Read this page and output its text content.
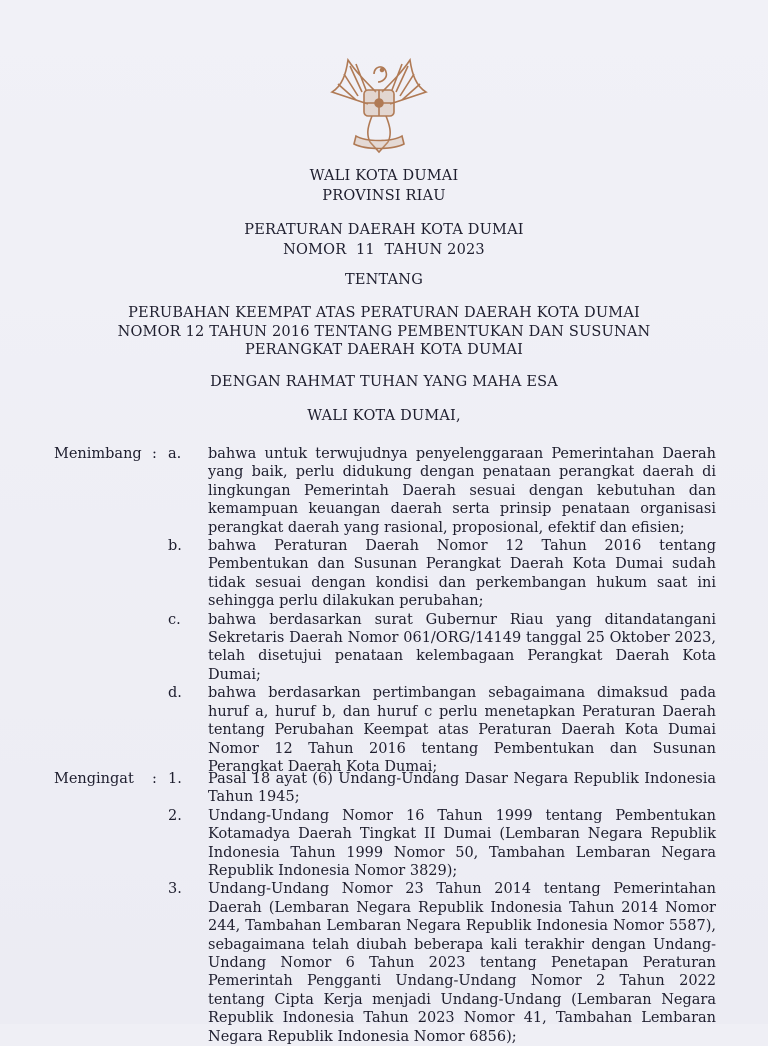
WALI KOTA DUMAI
PROVINSI RIAU
PERATURAN DAERAH KOTA DUMAI
NOMOR  11  TAHUN 2023
TENTANG
PERUBAHAN KEEMPAT ATAS PERATURAN DAERAH KOTA DUMAI
NOMOR 12 TAHUN 2016 TENTANG PEMBENTUKAN DAN SUSUNAN
PERANGKAT DAERAH KOTA DUMAI
DENGAN RAHMAT TUHAN YANG MAHA ESA
WALI KOTA DUMAI,
Menimbang : a.	bahwa untuk terwujudnya penyelenggaraan Pemerintahan Daerah yang baik, perlu didukung dengan penataan perangkat daerah di lingkungan Pemerintah Daerah sesuai dengan kebutuhan dan kemampuan keuangan daerah serta prinsip penataan organisasi perangkat daerah yang rasional, proposional, efektif dan efisien;
b.	bahwa Peraturan Daerah Nomor 12 Tahun 2016 tentang Pembentukan dan Susunan Perangkat Daerah Kota Dumai sudah tidak sesuai dengan kondisi dan perkembangan hukum saat ini sehingga perlu dilakukan perubahan;
c.	bahwa berdasarkan surat Gubernur Riau yang ditandatangani Sekretaris Daerah Nomor 061/ORG/14149 tanggal 25 Oktober 2023, telah disetujui penataan kelembagaan Perangkat Daerah Kota Dumai;
d.	bahwa berdasarkan pertimbangan sebagaimana dimaksud pada huruf a, huruf b, dan huruf c perlu menetapkan Peraturan Daerah tentang Perubahan Keempat atas Peraturan Daerah Kota Dumai Nomor 12 Tahun 2016 tentang Pembentukan dan Susunan Perangkat Daerah Kota Dumai;
Mengingat	: 1.	Pasal 18 ayat (6) Undang-Undang Dasar Negara Republik Indonesia Tahun 1945;
2.	Undang-Undang Nomor 16 Tahun 1999 tentang Pembentukan Kotamadya Daerah Tingkat II Dumai (Lembaran Negara Republik Indonesia Tahun 1999 Nomor 50, Tambahan Lembaran Negara Republik Indonesia Nomor 3829);
3.	Undang-Undang Nomor 23 Tahun 2014 tentang Pemerintahan Daerah (Lembaran Negara Republik Indonesia Tahun 2014 Nomor 244, Tambahan Lembaran Negara Republik Indonesia Nomor 5587), sebagaimana telah diubah beberapa kali terakhir dengan Undang-Undang Nomor 6 Tahun 2023 tentang Penetapan Peraturan Pemerintah Pengganti Undang-Undang Nomor 2 Tahun 2022 tentang Cipta Kerja menjadi Undang-Undang (Lembaran Negara Republik Indonesia Tahun 2023 Nomor 41, Tambahan Lembaran Negara Republik Indonesia Nomor 6856);
